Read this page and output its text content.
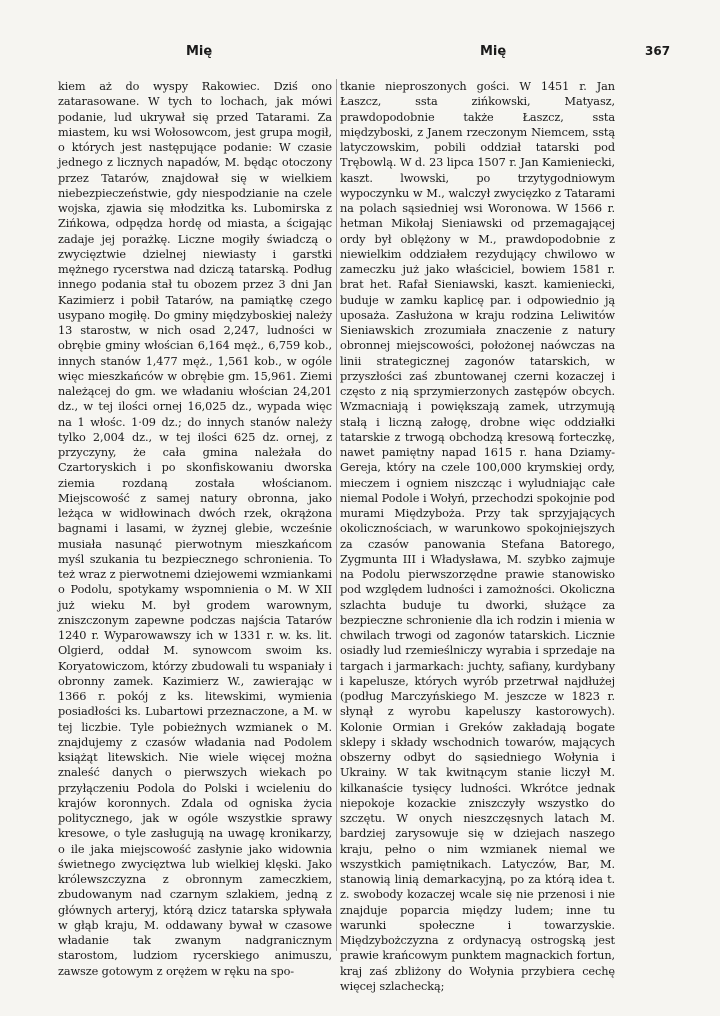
Mię	Mię	367

kiem aż do wyspy Rakowiec. Dziś ono zatarasowane. W tych to lochach, jak mówi podanie, lud ukrywał się przed Tatarami. Za miastem, ku wsi Wołosowcom, jest grupa mogił, o których jest następujące podanie: W czasie jednego z licznych napadów, M. będąc otoczony przez Tatarów, znajdował się w wielkiem niebezpieczeństwie, gdy niespodzianie na czele wojska, zjawia się młodzitka ks. Lubomirska z Zińkowa, odpędza hordę od miasta, a ścigając zadaje jej porażkę. Liczne mogiły świadczą o zwycięztwie dzielnej niewiasty i garstki mężnego rycerstwa nad dziczą tatarską. Podług innego podania stał tu obozem przez 3 dni Jan Kazimierz i pobił Tatarów, na pamiątkę czego usypano mogiłę. Do gminy międzyboskiej należy 13 starostw, w nich osad 2,247, ludności w obrębie gminy włościan 6,164 męż., 6,759 kob., innych stanów 1,477 męż., 1,561 kob., w ogóle więc mieszkańców w obrębie gm. 15,961. Ziemi należącej do gm. we władaniu włościan 24,201 dz., w tej ilości ornej 16,025 dz., wypada więc na 1 włośc. 1·09 dz.; do innych stanów należy tylko 2,004 dz., w tej ilości 625 dz. ornej, z przyczyny, że cała gmina należała do Czartoryskich i po skonfiskowaniu dworska ziemia rozdaną została włościanom. Miejscowość z samej natury obronna, jako leżąca w widłowinach dwóch rzek, okrążona bagnami i lasami, w żyznej glebie, wcześnie musiała nasunąć pierwotnym mieszkańcom myśl szukania tu bezpiecznego schronienia. To też wraz z pierwotnemi dziejowemi wzmiankami o Podolu, spotykamy wspomnienia o M. W XII już wieku M. był grodem warownym, zniszczonym zapewne podczas najścia Tatarów 1240 r. Wyparowawszy ich w 1331 r. w. ks. lit. Olgierd, oddał M. synowcom swoim ks. Koryatowiczom, którzy zbudowali tu wspaniały i obronny zamek. Kazimierz W., zawierając w 1366 r. pokój z ks. litewskimi, wymienia posiadłości ks. Lubartowi przeznaczone, a M. w tej liczbie. Tyle pobieżnych wzmianek o M. znajdujemy z czasów władania nad Podolem książąt litewskich. Nie wiele więcej można znaleść danych o pierwszych wiekach po przyłączeniu Podola do Polski i wcieleniu do krajów koronnych. Zdala od ogniska życia politycznego, jak w ogóle wszystkie sprawy kresowe, o tyle zasługują na uwagę kronikarzy, o ile jaka miejscowość zasłynie jako widownia świetnego zwycięztwa lub wielkiej klęski. Jako królewszczyzna z obronnym zameczkiem, zbudowanym nad czarnym szlakiem, jedną z głównych arteryj, którą dzicz tatarska spływała w głąb kraju, M. oddawany bywał w czasowe władanie tak zwanym nadgranicznym starostom, ludziom rycerskiego animuszu, zawsze gotowym z orężem w ręku na spo-

tkanie nieproszonych gości. W 1451 r. Jan Łaszcz, ssta zińkowski, Matyasz, prawdopodobnie także Łaszcz, ssta międzyboski, z Janem rzeczonym Niemcem, sstą latyczowskim, pobili oddział tatarski pod Trębowlą. W d. 23 lipca 1507 r. Jan Kamieniecki, kaszt. lwowski, po trzytygodniowym wypoczynku w M., walczył zwycięzko z Tatarami na polach sąsiedniej wsi Woronowa. W 1566 r. hetman Mikołaj Sieniawski od przemagającej ordy był oblężony w M., prawdopodobnie z niewielkim oddziałem rezydujący chwilowo w zameczku już jako właściciel, bowiem 1581 r. brat het. Rafał Sieniawski, kaszt. kamieniecki, buduje w zamku kaplicę par. i odpowiednio ją uposaża. Zasłużona w kraju rodzina Leliwitów Sieniawskich zrozumiała znaczenie z natury obronnej miejscowości, położonej naówczas na linii strategicznej zagonów tatarskich, w przyszłości zaś zbuntowanej czerni kozaczej i często z nią sprzymierzonych zastępów obcych. Wzmacniają i powiększają zamek, utrzymują stałą i liczną załogę, drobne więc oddziałki tatarskie z trwogą obchodzą kresową forteczkę, nawet pamiętny napad 1615 r. hana Dziamy-Gereja, który na czele 100,000 krymskiej ordy, mieczem i ogniem niszcząc i wyludniając całe niemal Podole i Wołyń, przechodzi spokojnie pod murami Międzyboża. Przy tak sprzyjających okolicznościach, w warunkowo spokojniejszych za czasów panowania Stefana Batorego, Zygmunta III i Władysława, M. szybko zajmuje na Podolu pierwszorzędne prawie stanowisko pod względem ludności i zamożności. Okoliczna szlachta buduje tu dworki, służące za bezpieczne schronienie dla ich rodzin i mienia w chwilach trwogi od zagonów tatarskich. Licznie osiadły lud rzemieślniczy wyrabia i sprzedaje na targach i jarmarkach: juchty, safiany, kurdybany i kapelusze, których wyrób przetrwał najdłużej (podług Marczyńskiego M. jeszcze w 1823 r. słynął z wyrobu kapeluszy kastorowych). Kolonie Ormian i Greków zakładają bogate sklepy i składy wschodnich towarów, mających obszerny odbyt do sąsiedniego Wołynia i Ukrainy. W tak kwitnącym stanie liczył M. kilkanaście tysięcy ludności. Wkrótce jednak niepokoje kozackie zniszczyły wszystko do szczętu. W onych nieszczęsnych latach M. bardziej zarysowuje się w dziejach naszego kraju, pełno o nim wzmianek niemal we wszystkich pamiętnikach. Latyczów, Bar, M. stanowią linią demarkacyjną, po za którą idea t. z. swobody kozaczej wcale się nie przenosi i nie znajduje poparcia między ludem; inne tu warunki społeczne i towarzyskie. Międzybożczyzna z ordynacyą ostrogską jest prawie krańcowym punktem magnackich fortun, kraj zaś zbliżony do Wołynia przybiera cechę więcej szlachecką;
